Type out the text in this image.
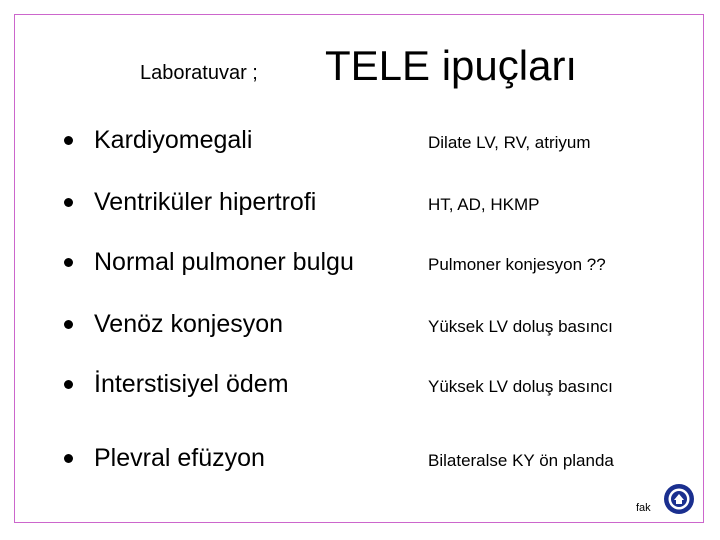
Laboratuvar ; TELE ipuçları
Kardiyomegali	Dilate LV, RV, atriyum
Ventriküler hipertrofi	HT, AD, HKMP
Normal pulmoner bulgu	Pulmoner konjesyon ??
Venöz konjesyon	Yüksek LV doluş basıncı
İnterstisiyel ödem	Yüksek LV doluş basıncı
Plevral efüzyon	Bilateralse KY ön planda
fak
